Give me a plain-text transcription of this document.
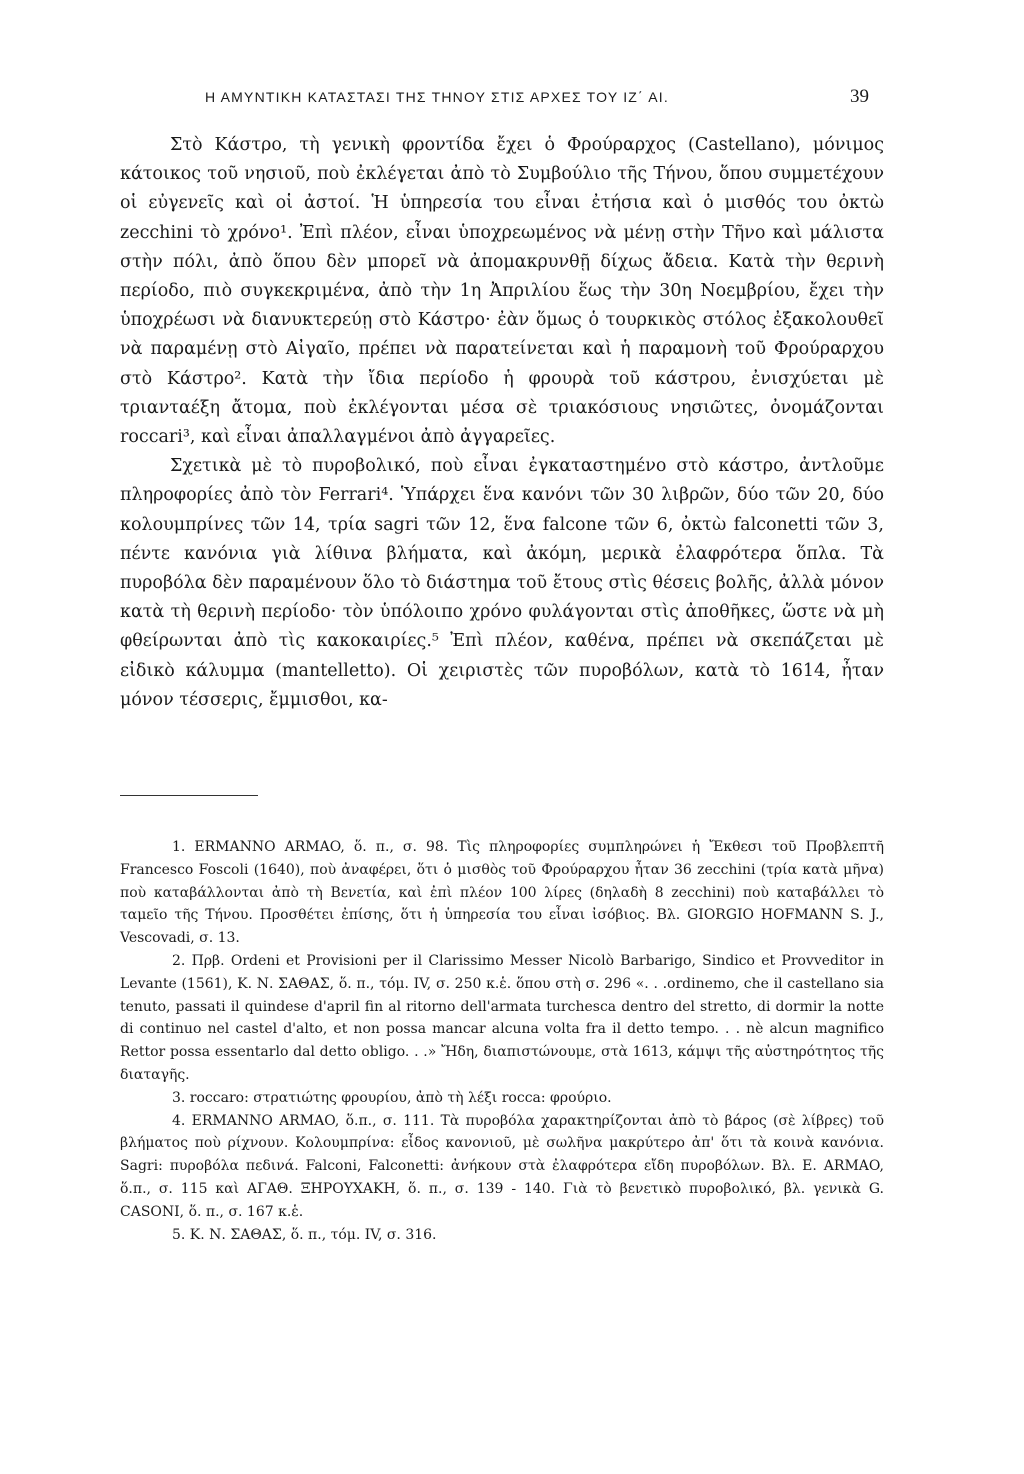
Η ΑΜΥΝΤΙΚΗ ΚΑΤΑΣΤΑΣΙ ΤΗΣ ΤΗΝΟΥ ΣΤΙΣ ΑΡΧΕΣ ΤΟΥ ΙΖ΄ ΑΙ.	39

Στὸ Κάστρο, τὴ γενικὴ φροντίδα ἔχει ὁ Φρούραρχος (Castellano), μόνιμος κάτοικος τοῦ νησιοῦ, ποὺ ἐκλέγεται ἀπὸ τὸ Συμβούλιο τῆς Τήνου, ὅπου συμμετέχουν οἱ εὐγενεῖς καὶ οἱ ἀστοί. Ἡ ὑπηρεσία του εἶναι ἐτήσια καὶ ὁ μισθός του ὀκτὼ zecchini τὸ χρόνο¹. Ἐπὶ πλέον, εἶναι ὑποχρεωμένος νὰ μένῃ στὴν Τῆνο καὶ μάλιστα στὴν πόλι, ἀπὸ ὅπου δὲν μπορεῖ νὰ ἀπομακρυνθῇ δίχως ἄδεια. Κατὰ τὴν θερινὴ περίοδο, πιὸ συγκεκριμένα, ἀπὸ τὴν 1η Ἀπριλίου ἕως τὴν 30η Νοεμβρίου, ἔχει τὴν ὑποχρέωσι νὰ διανυκτερεύῃ στὸ Κάστρο· ἐὰν ὅμως ὁ τουρκικὸς στόλος ἐξακολουθεῖ νὰ παραμένῃ στὸ Αἰγαῖο, πρέπει νὰ παρατείνεται καὶ ἡ παραμονὴ τοῦ Φρούραρχου στὸ Κάστρο². Κατὰ τὴν ἴδια περίοδο ἡ φρουρὰ τοῦ κάστρου, ἐνισχύεται μὲ τριανταέξη ἄτομα, ποὺ ἐκλέγονται μέσα σὲ τριακόσιους νησιῶτες, ὀνομάζονται roccari³, καὶ εἶναι ἀπαλλαγμένοι ἀπὸ ἀγγαρεῖες.

Σχετικὰ μὲ τὸ πυροβολικό, ποὺ εἶναι ἐγκαταστημένο στὸ κάστρο, ἀντλοῦμε πληροφορίες ἀπὸ τὸν Ferrari⁴. Ὑπάρχει ἕνα κανόνι τῶν 30 λιβρῶν, δύο τῶν 20, δύο κολουμπρίνες τῶν 14, τρία sagri τῶν 12, ἕνα falcone τῶν 6, ὀκτὼ falconetti τῶν 3, πέντε κανόνια γιὰ λίθινα βλήματα, καὶ ἀκόμη, μερικὰ ἐλαφρότερα ὅπλα. Τὰ πυροβόλα δὲν παραμένουν ὅλο τὸ διάστημα τοῦ ἔτους στὶς θέσεις βολῆς, ἀλλὰ μόνον κατὰ τὴ θερινὴ περίοδο· τὸν ὑπόλοιπο χρόνο φυλάγονται στὶς ἀποθῆκες, ὥστε νὰ μὴ φθείρωνται ἀπὸ τὶς κακοκαιρίες.⁵ Ἐπὶ πλέον, καθένα, πρέπει νὰ σκεπάζεται μὲ εἰδικὸ κάλυμμα (mantelletto). Οἱ χειριστὲς τῶν πυροβόλων, κατὰ τὸ 1614, ἦταν μόνον τέσσερις, ἔμμισθοι, κα-

1. ERMANNO ARMAO, ὅ. π., σ. 98. Τὶς πληροφορίες συμπληρώνει ἡ Ἔκθεσι τοῦ Προβλεπτῆ Francesco Foscoli (1640), ποὺ ἀναφέρει, ὅτι ὁ μισθὸς τοῦ Φρούραρχου ἦταν 36 zecchini (τρία κατὰ μῆνα) ποὺ καταβάλλονται ἀπὸ τὴ Βενετία, καὶ ἐπὶ πλέον 100 λίρες (δηλαδὴ 8 zecchini) ποὺ καταβάλλει τὸ ταμεῖο τῆς Τήνου. Προσθέτει ἐπίσης, ὅτι ἡ ὑπηρεσία του εἶναι ἰσόβιος. Βλ. GIORGIO HOFMANN S. J., Vescovadi, σ. 13.

2. Πρβ. Ordeni et Provisioni per il Clarissimo Messer Nicolò Barbarigo, Sindico et Provveditor in Levante (1561), Κ. Ν. ΣΑΘΑΣ, ὅ. π., τόμ. IV, σ. 250 κ.ἑ. ὅπου στὴ σ. 296 «. . .ordinemo, che il castellano sia tenuto, passati il quindese d'april fin al ritorno dell'armata turchesca dentro del stretto, di dormir la notte di continuo nel castel d'alto, et non possa mancar alcuna volta fra il detto tempo. . . nè alcun magnifico Rettor possa essentarlo dal detto obligo. . .» Ἤδη, διαπιστώνουμε, στὰ 1613, κάμψι τῆς αὐστηρότητος τῆς διαταγῆς.

3. roccaro: στρατιώτης φρουρίου, ἀπὸ τὴ λέξι rocca: φρούριο.

4. ERMANNO ARMAO, ὅ.π., σ. 111. Τὰ πυροβόλα χαρακτηρίζονται ἀπὸ τὸ βάρος (σὲ λίβρες) τοῦ βλήματος ποὺ ρίχνουν. Κολουμπρίνα: εἶδος κανονιοῦ, μὲ σωλῆνα μακρύτερο ἀπ' ὅτι τὰ κοινὰ κανόνια. Sagri: πυροβόλα πεδινά. Falconi, Falconetti: ἀνήκουν στὰ ἐλαφρότερα εἴδη πυροβόλων. Βλ. Ε. ARMAO, ὅ.π., σ. 115 καὶ ΑΓΑΘ. ΞΗΡΟΥΧΑΚΗ, ὅ. π., σ. 139 - 140. Γιὰ τὸ βενετικὸ πυροβολικό, βλ. γενικὰ G. CASONI, ὅ. π., σ. 167 κ.ἑ.

5. Κ. Ν. ΣΑΘΑΣ, ὅ. π., τόμ. IV, σ. 316.
